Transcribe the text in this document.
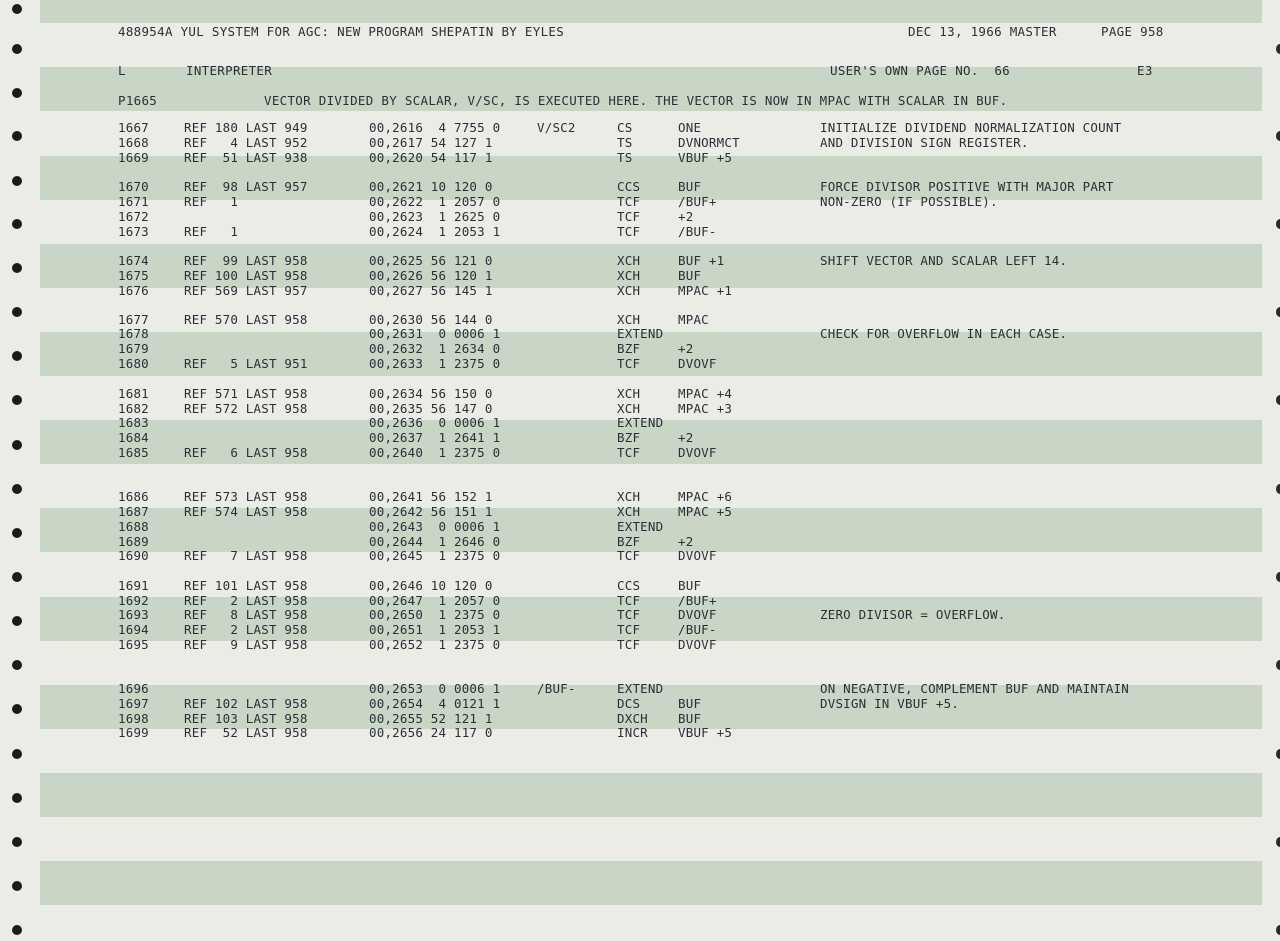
488954A YUL SYSTEM FOR AGC: NEW PROGRAM SHEPATIN BY EYLES	DEC 13, 1966 MASTER	PAGE 958
L	INTERPRETER	USER'S OWN PAGE NO.  66	E3
P1665	VECTOR DIVIDED BY SCALAR, V/SC, IS EXECUTED HERE. THE VECTOR IS NOW IN MPAC WITH SCALAR IN BUF.
1667	REF 180 LAST 949	00,2616  4 7755 0	V/SC2	CS	ONE	INITIALIZE DIVIDEND NORMALIZATION COUNT
1668	REF   4 LAST 952	00,2617 54 127 1	TS	DVNORMCT	AND DIVISION SIGN REGISTER.
1669	REF  51 LAST 938	00,2620 54 117 1	TS	VBUF +5
1670	REF  98 LAST 957	00,2621 10 120 0	CCS	BUF	FORCE DIVISOR POSITIVE WITH MAJOR PART
1671	REF   1	00,2622  1 2057 0	TCF	/BUF+	NON-ZERO (IF POSSIBLE).
1672	00,2623  1 2625 0	TCF	+2
1673	REF   1	00,2624  1 2053 1	TCF	/BUF-
1674	REF  99 LAST 958	00,2625 56 121 0	XCH	BUF +1	SHIFT VECTOR AND SCALAR LEFT 14.
1675	REF 100 LAST 958	00,2626 56 120 1	XCH	BUF
1676	REF 569 LAST 957	00,2627 56 145 1	XCH	MPAC +1
1677	REF 570 LAST 958	00,2630 56 144 0	XCH	MPAC
1678	00,2631  0 0006 1	EXTEND	CHECK FOR OVERFLOW IN EACH CASE.
1679	00,2632  1 2634 0	BZF	+2
1680	REF   5 LAST 951	00,2633  1 2375 0	TCF	DVOVF
1681	REF 571 LAST 958	00,2634 56 150 0	XCH	MPAC +4
1682	REF 572 LAST 958	00,2635 56 147 0	XCH	MPAC +3
1683	00,2636  0 0006 1	EXTEND
1684	00,2637  1 2641 1	BZF	+2
1685	REF   6 LAST 958	00,2640  1 2375 0	TCF	DVOVF
1686	REF 573 LAST 958	00,2641 56 152 1	XCH	MPAC +6
1687	REF 574 LAST 958	00,2642 56 151 1	XCH	MPAC +5
1688	00,2643  0 0006 1	EXTEND
1689	00,2644  1 2646 0	BZF	+2
1690	REF   7 LAST 958	00,2645  1 2375 0	TCF	DVOVF
1691	REF 101 LAST 958	00,2646 10 120 0	CCS	BUF
1692	REF   2 LAST 958	00,2647  1 2057 0	TCF	/BUF+
1693	REF   8 LAST 958	00,2650  1 2375 0	TCF	DVOVF	ZERO DIVISOR = OVERFLOW.
1694	REF   2 LAST 958	00,2651  1 2053 1	TCF	/BUF-
1695	REF   9 LAST 958	00,2652  1 2375 0	TCF	DVOVF
1696	00,2653  0 0006 1	/BUF-	EXTEND	ON NEGATIVE, COMPLEMENT BUF AND MAINTAIN
1697	REF 102 LAST 958	00,2654  4 0121 1	DCS	BUF	DVSIGN IN VBUF +5.
1698	REF 103 LAST 958	00,2655 52 121 1	DXCH BUF
1699	REF  52 LAST 958	00,2656 24 117 0	INCR VBUF +5
